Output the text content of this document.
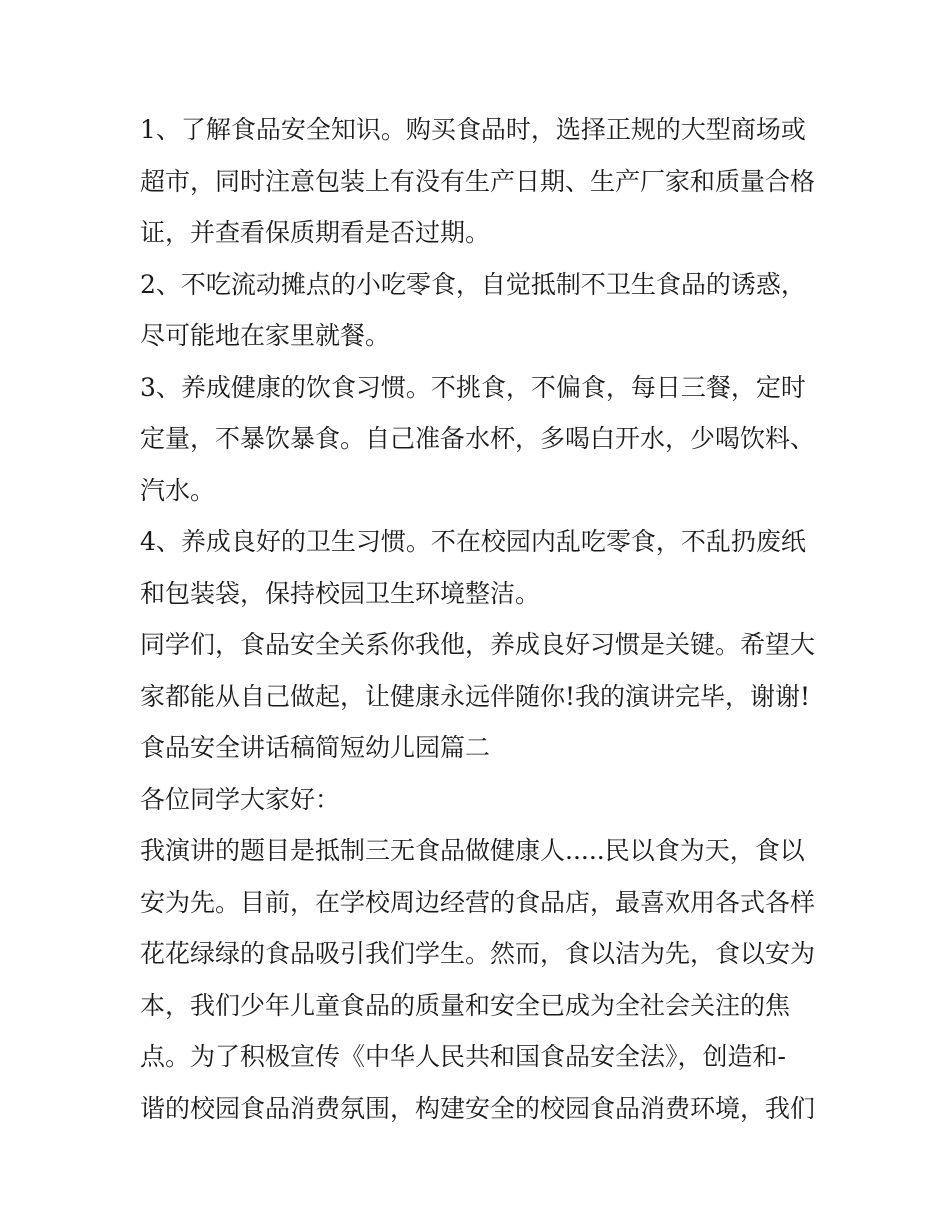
1、了解食品安全知识。购买食品时，选择正规的大型商场或
超市，同时注意包装上有没有生产日期、生产厂家和质量合格
证，并查看保质期看是否过期。
2、不吃流动摊点的小吃零食，自觉抵制不卫生食品的诱惑，
尽可能地在家里就餐。
3、养成健康的饮食习惯。不挑食，不偏食，每日三餐，定时
定量，不暴饮暴食。自己准备水杯，多喝白开水，少喝饮料、
汽水。
4、养成良好的卫生习惯。不在校园内乱吃零食，不乱扔废纸
和包装袋，保持校园卫生环境整洁。
同学们，食品安全关系你我他，养成良好习惯是关键。希望大
家都能从自己做起，让健康永远伴随你!我的演讲完毕，谢谢!
食品安全讲话稿简短幼儿园篇二
各位同学大家好：
我演讲的题目是抵制三无食品做健康人.....民以食为天，食以
安为先。目前，在学校周边经营的食品店，最喜欢用各式各样
花花绿绿的食品吸引我们学生。然而，食以洁为先，食以安为
本，我们少年儿童食品的质量和安全已成为全社会关注的焦
点。为了积极宣传《中华人民共和国食品安全法》，创造和-
谐的校园食品消费氛围，构建安全的校园食品消费环境，我们
